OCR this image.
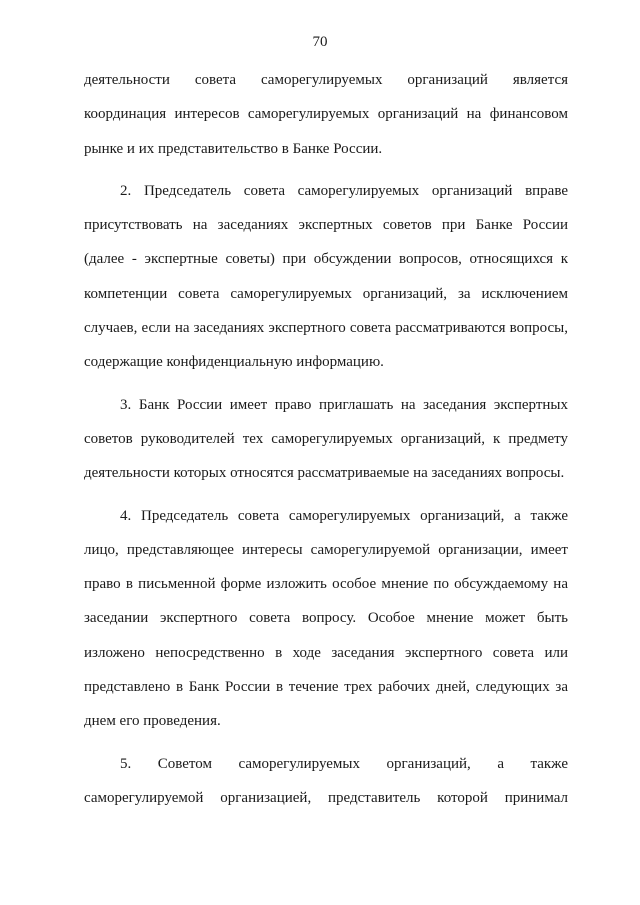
70
деятельности совета саморегулируемых организаций является
координация интересов саморегулируемых организаций на финансовом
рынке и их представительство в Банке России.
2. Председатель совета саморегулируемых организаций вправе
присутствовать на заседаниях экспертных советов при Банке России
(далее - экспертные советы) при обсуждении вопросов, относящихся к
компетенции совета саморегулируемых организаций, за исключением
случаев, если на заседаниях экспертного совета рассматриваются вопросы,
содержащие конфиденциальную информацию.
3. Банк России имеет право приглашать на заседания экспертных
советов руководителей тех саморегулируемых организаций, к предмету
деятельности которых относятся рассматриваемые на заседаниях вопросы.
4. Председатель совета саморегулируемых организаций, а также
лицо, представляющее интересы саморегулируемой организации, имеет
право в письменной форме изложить особое мнение по обсуждаемому на
заседании экспертного совета вопросу. Особое мнение может быть
изложено непосредственно в ходе заседания экспертного совета или
представлено в Банк России в течение трех рабочих дней, следующих за
днем его проведения.
5. Советом саморегулируемых организаций, а также
саморегулируемой организацией, представитель которой принимал
